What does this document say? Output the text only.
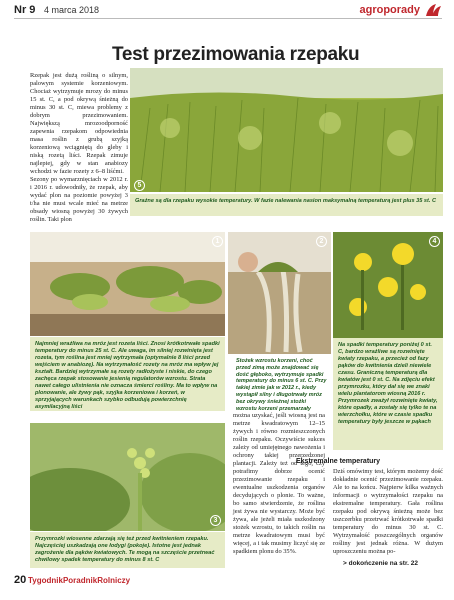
Nr 9 4 marca 2018	agroporady
Test przezimowania rzepaku
Rzepak jest dużą rośliną o silnym, palowym systemie korzeniowym. Chociaż wytrzymuje mrozy do minus 15 st. C, a pod okrywą śnieżną do minus 30 st. C, miewa problemy z dobrym przezimowaniem. Największą mrozoodporność zapewnia rzepakom odpowiednia masa roślin z grubą szyjką korzeniową wciągniętą do gleby i niską rozetą liści. Rzepak zimuje najlepiej, gdy w stan anabiozy wchodzi w fazie rozety z 6–8 liśćmi.
Sezony po wymarznięciach w 2012 r. i 2016 r. udowodniły, że rzepak, aby wydać plon na poziomie powyżej 3 t/ha nie musi wcale mieć na metrze obsady wiosną powyżej 30 żywych roślin. Taki plon
5
Grażne są dla rzepaku wysokie temperatury. W fazie nalewania nasion maksymalną temperaturą jest plus 35 st. C
1
Najmniej wrażliwa na mróz jest rozeta liści. Znosi krótkotrwałe spadki temperatury do minus 25 st. C. Ale uwaga, im silniej rozwinięta jest rozeta, tym roślina jest mniej wytrzymała (optymalnie 8 liści przed wejściem w anabiozę). Na wytrzymałość rozety na mróz ma wpływ jej kształt. Bardziej wytrzymałe są rozety radłożyste i niskie, do czego zachęca rzepak stosowanie jesienią regulatorów wzrostu. Strata nawet całego ulistnienia nie oznacza śmierci rośliny. Ma to wpływ na plonowanie, ale żywy pąk, szyjka korzeniowa i korzeń, w sprzyjających warunkach szybko odbudują powierzchnię asymilacyjną liści
2
Stożek wzrostu korzeni, choć przed zimą może znajdować się dość głęboko, wytrzymuje spadki temperatury do minus 6 st. C. Przy takiej zimie jak w 2012 r., kiedy wystąpił silny i długotrwały mróz bez okrywy śnieżnej stożki wzrostu korzeni przemarzały
4
Na spadki temperatury poniżej 0 st. C, bardzo wrażliwe są rozwinięte kwiaty rzepaku, a przecież od fazy pąków do kwitnienia dzieli niewiele czasu. Graniczną temperaturą dla kwiatów jest 0 st. C. Na zdjęciu efekt przymrozku, który dał się we znaki wielu plantatorom wiosną 2016 r. Przymrozek zważył rozwinięte kwiaty, które opadły, a zostały się tylko te na wierzchołku, które w czasie spadku temperatury były jeszcze w pąkach
3
Przymrozki wiosenne zdarzają się też przed kwitnieniem rzepaku. Najczęściej uszkadzają one łodygi (pokoje). Istotne jest jednak zagrożenie dla pąków kwiatowych. Te mogą na szczęście przetrwać chwilowy spadek temperatury do minus 8 st. C
można uzyskać, jeśli wiosną jest na metrze kwadratowym 12–15 żywych i równo rozmieszczonych roślin rzepaku. Oczywiście sukces zależy od umiejętnego nawożenia i ochrony takiej przerzedzonej plantacji. Zależy też od tego, czy potrafimy dobrze ocenić przezimowanie rzepaku i ewentualne uszkodzenia organów decydujących o plonie. To ważne, bo samo stwierdzenie, że roślina jest żywa nie wystarczy. Może być żywa, ale jeżeli miała uszkodzony stożek wzrostu, to takich roślin na metrze kwadratowym musi być więcej, a i tak musimy liczyć się ze spadkiem plonu do 35%.
Ekstremalne temperatury
Dziś omówimy test, którym możemy dość dokładnie ocenić przezimowanie rzepaku. Ale to na końcu. Najpierw kilka ważnych informacji o wytrzymałości rzepaku na ekstremalne temperatury. Gała roślina rzepaku pod okrywą śnieżną może bez uszczerbku przetrwać krótkotrwałe spadki temperatury do minus 30 st. C. Wytrzymałość poszczególnych organów rośliny jest jednak różna. W dużym uproszczeniu można po-
> dokończenie na str. 22
20 TygodnikPoradnikRolniczy
